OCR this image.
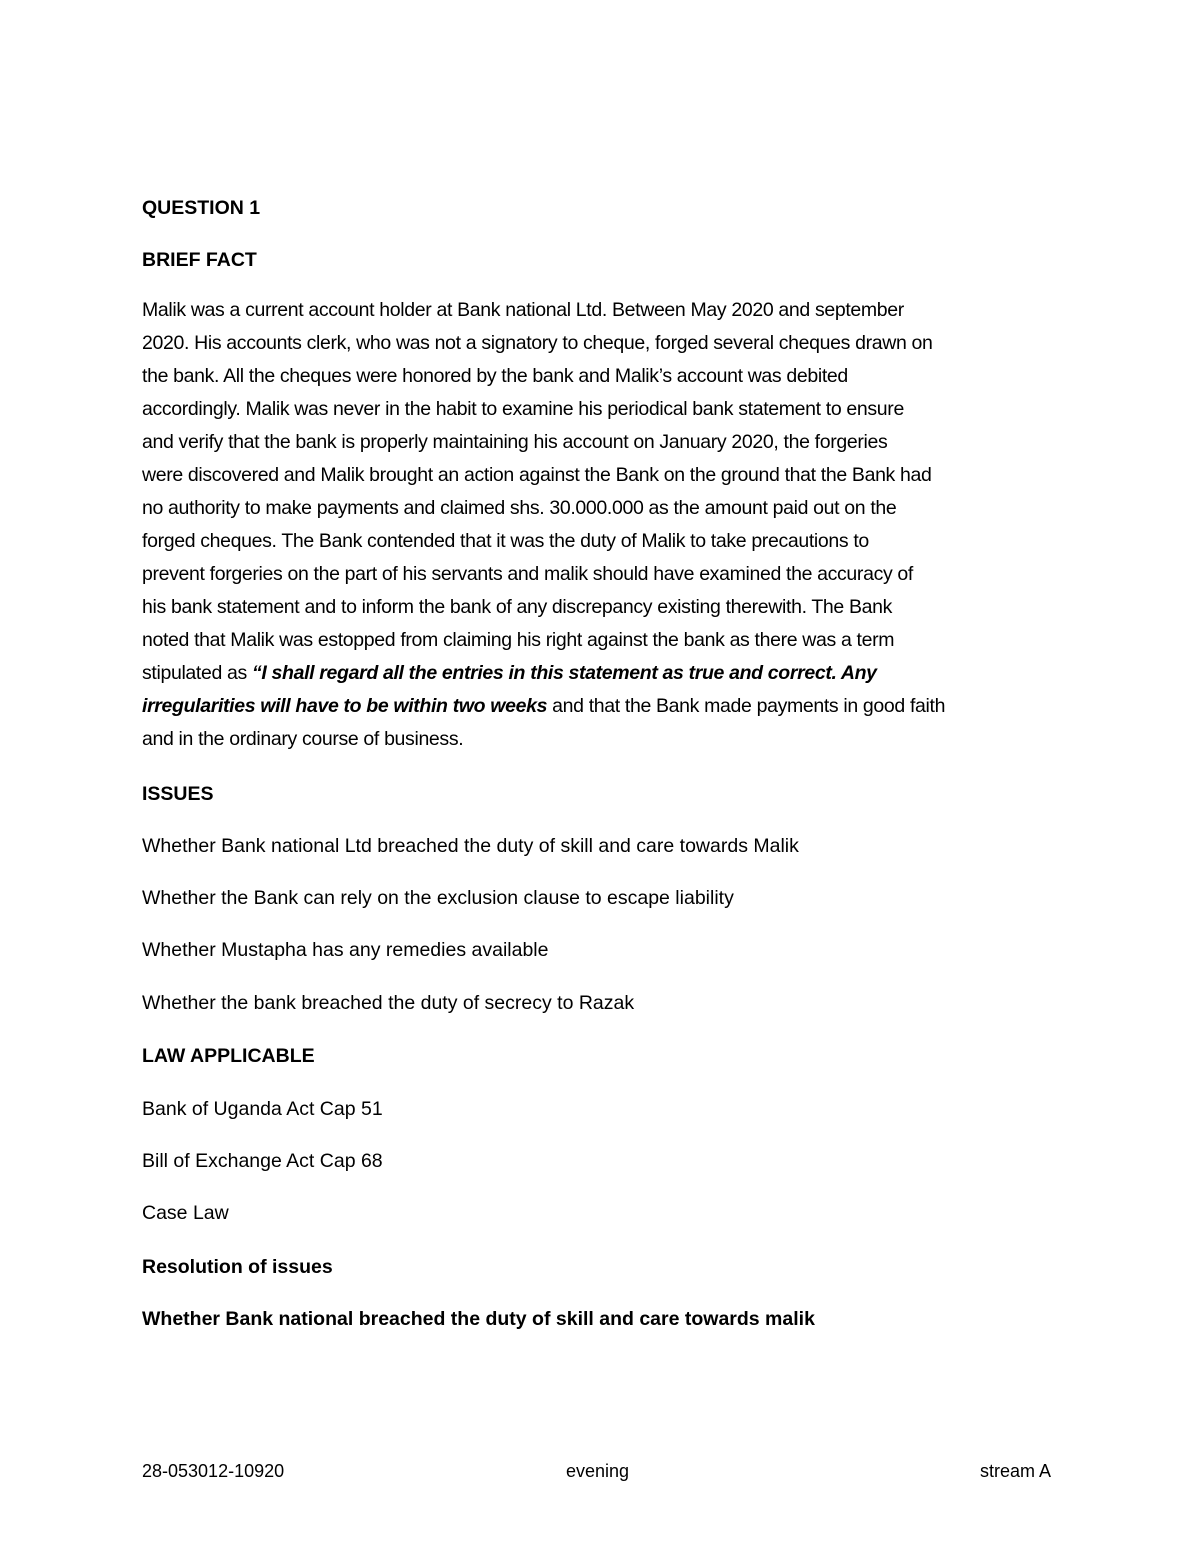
QUESTION 1

BRIEF FACT

Malik was a current account holder at Bank national Ltd. Between May 2020 and september
2020. His accounts clerk, who was not a signatory to cheque, forged several cheques drawn on
the bank. All the cheques were honored by the bank and Malik’s account was debited
accordingly. Malik was never in the habit to examine his periodical bank statement to ensure
and verify that the bank is properly maintaining his account on January 2020, the forgeries
were discovered and Malik brought an action against the Bank on the ground that the Bank had
no authority to make payments and claimed shs. 30.000.000 as the amount paid out on the
forged cheques. The Bank contended that it was the duty of Malik to take precautions to
prevent forgeries on the part of his servants and malik should have examined the accuracy of
his bank statement and to inform the bank of any discrepancy existing therewith. The Bank
noted that Malik was estopped from claiming his right against the bank as there was a term
stipulated as “I shall regard all the entries in this statement as true and correct. Any
irregularities will have to be within two weeks and that the Bank made payments in good faith
and in the ordinary course of business.

ISSUES

Whether Bank national Ltd breached the duty of skill and care towards Malik

Whether the Bank can rely on the exclusion clause to escape liability

Whether Mustapha has any remedies available

Whether the bank breached the duty of secrecy to Razak

LAW APPLICABLE

Bank of Uganda Act Cap 51

Bill of Exchange Act Cap 68

Case Law

Resolution of issues

Whether Bank national breached the duty of skill and care towards malik

28-053012-10920	evening	stream A
